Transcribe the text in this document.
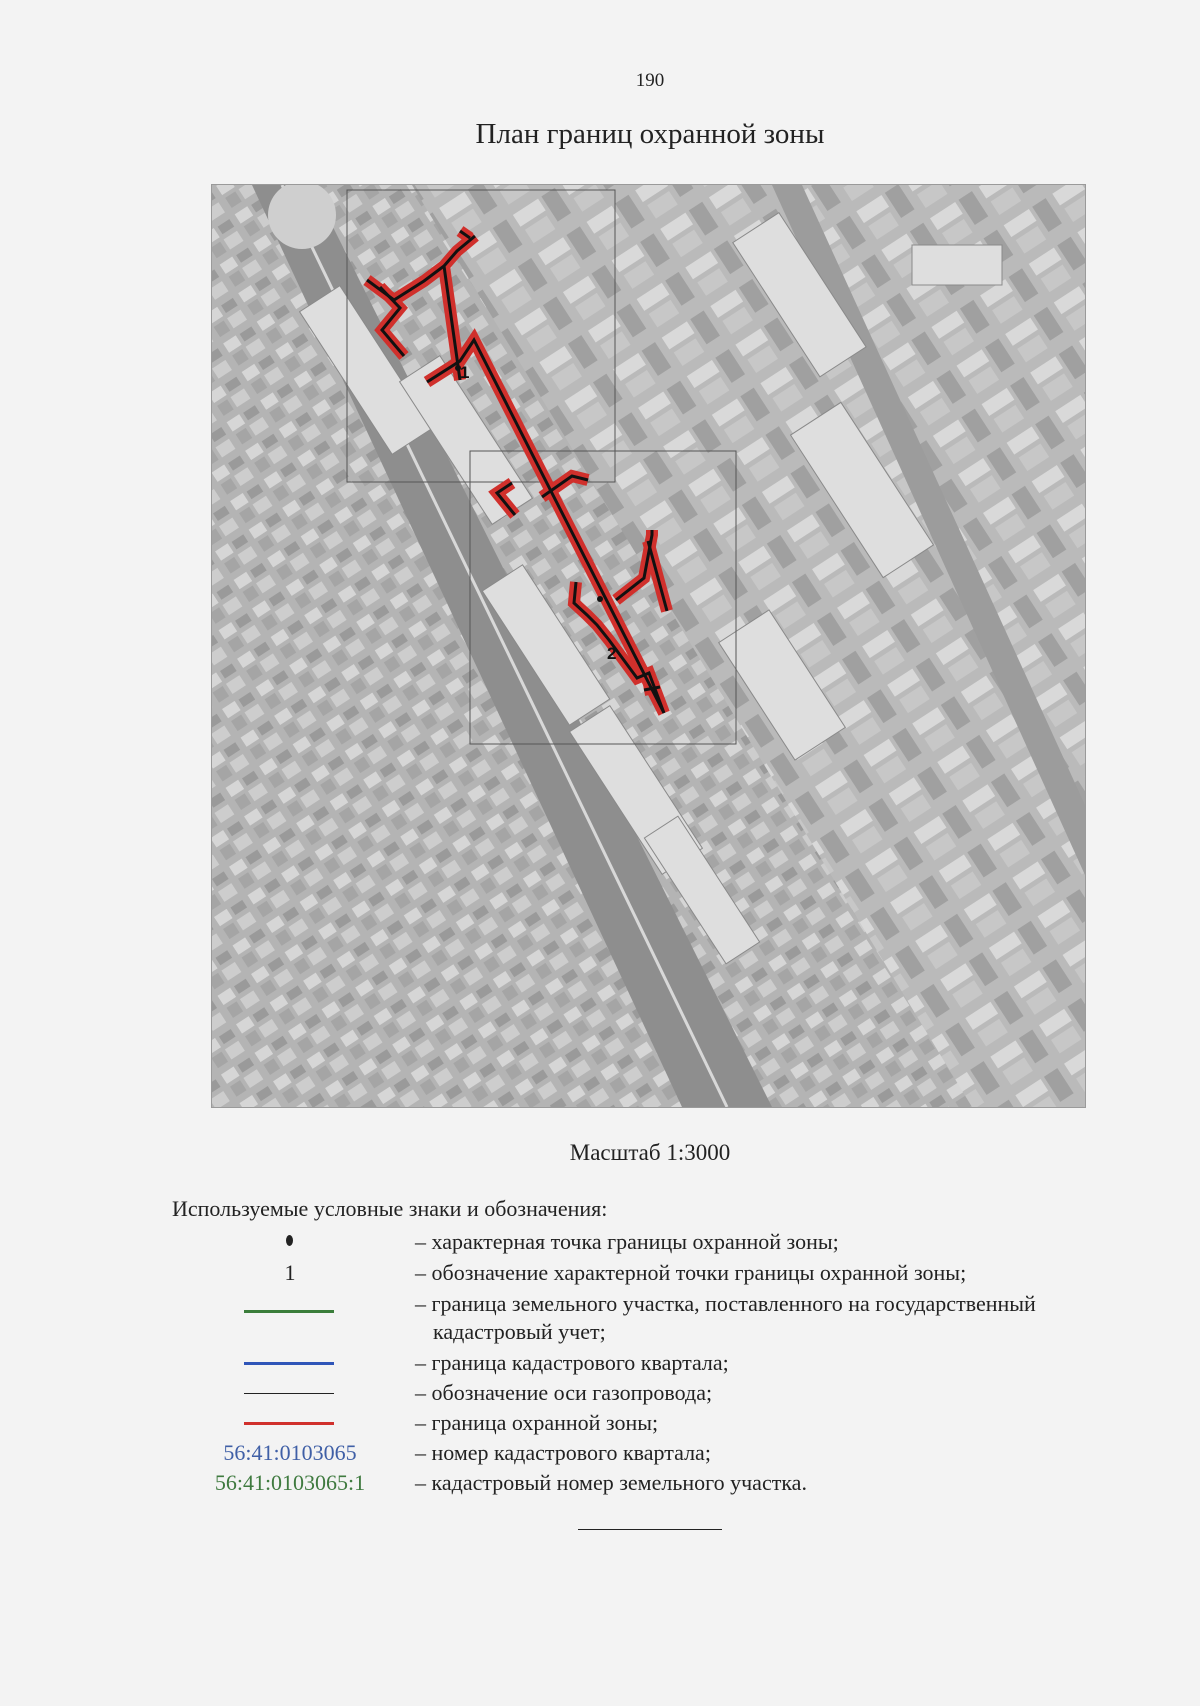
190
План границ охранной зоны
1
2
Масштаб 1:3000
Используемые условные знаки и обозначения:
– характерная точка границы охранной зоны;
1	– обозначение характерной точки границы охранной зоны;
– граница земельного участка, поставленного на государственный
кадастровый учет;
– граница кадастрового квартала;
– обозначение оси газопровода;
– граница охранной зоны;
56:41:0103065	– номер кадастрового квартала;
56:41:0103065:1	– кадастровый номер земельного участка.
